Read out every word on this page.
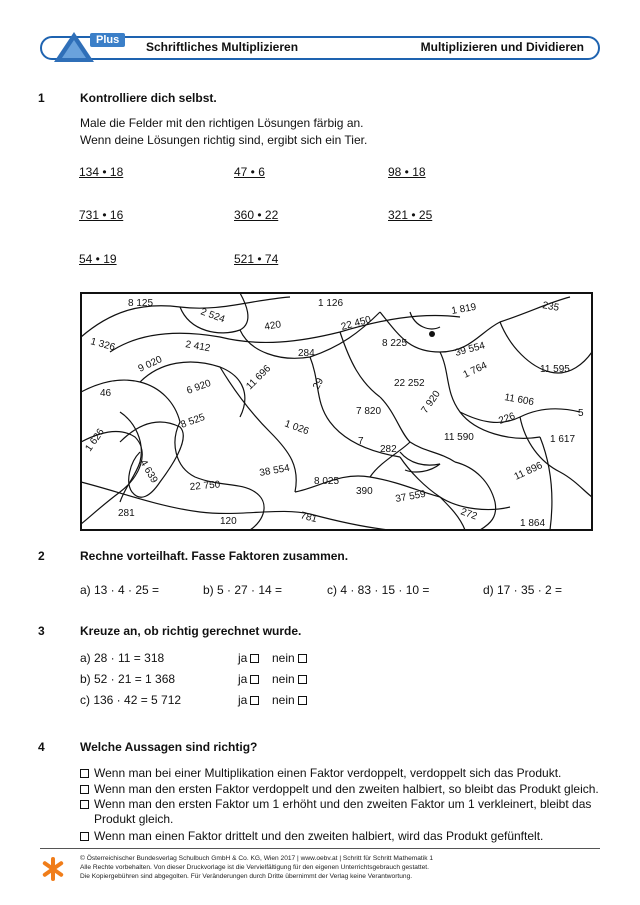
Plus	Schriftliches Multiplizieren	Multiplizieren und Dividieren
1	Kontrolliere dich selbst.
Male die Felder mit den richtigen Lösungen färbig an.
Wenn deine Lösungen richtig sind, ergibt sich ein Tier.
134 • 18	47 • 6	98 • 18
731 • 16	360 • 22	321 • 25
54 • 19	521 • 74
8 125
2 524
1 126	1 819	235
1 326
420	22 450
2 412	8 225
284	39 554
9 020	11 595
46	6 920	11 696	29	22 252
1 764
11 606
5
7 820	7 920
226
8 525	1 026
1 617
1 626	7
282
11 590
4 639	38 554
8 025	11 896
22 750	390 37 559
281
120	781	272
1 864
2	Rechne vorteilhaft. Fasse Faktoren zusammen.
a) 13 · 4 · 25 =	b) 5 · 27 · 14 =	c) 4 · 83 · 15 · 10 =	d) 17 · 35 · 2 =
3	Kreuze an, ob richtig gerechnet wurde.
a) 28 · 11 = 318	ja	nein
b) 52 · 21 = 1 368	ja	nein
c) 136 · 42 = 5 712	ja	nein
4	Welche Aussagen sind richtig?
Wenn man bei einer Multiplikation einen Faktor verdoppelt, verdoppelt sich das Produkt.
Wenn man den ersten Faktor verdoppelt und den zweiten halbiert, so bleibt das Produkt gleich.
Wenn man den ersten Faktor um 1 erhöht und den zweiten Faktor um 1 verkleinert, bleibt das
Produkt gleich.
Wenn man einen Faktor drittelt und den zweiten halbiert, wird das Produkt gefünftelt.
© Österreichischer Bundesverlag Schulbuch GmbH & Co. KG, Wien 2017 | www.oebv.at | Schritt für Schritt Mathematik 1
Alle Rechte vorbehalten. Von dieser Druckvorlage ist die Vervielfältigung für den eigenen Unterrichtsgebrauch gestattet.
Die Kopiergebühren sind abgegolten. Für Veränderungen durch Dritte übernimmt der Verlag keine Verantwortung.
